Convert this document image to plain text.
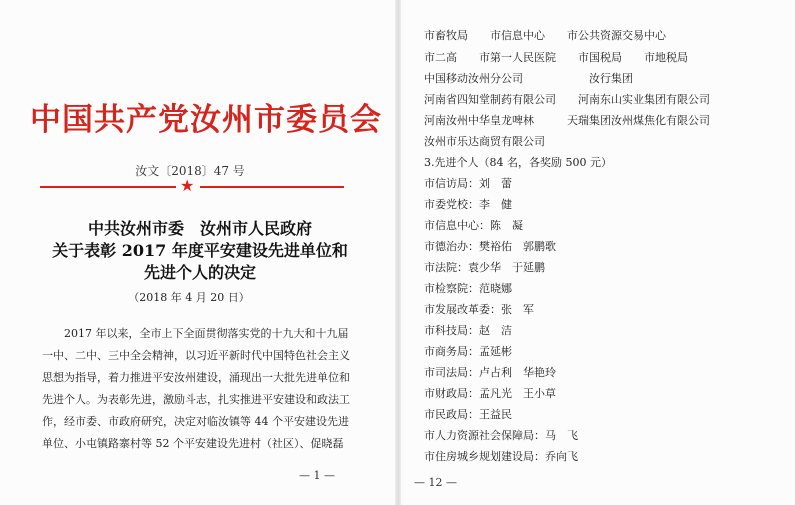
中国共产党汝州市委员会
汝文〔2018〕47 号
★
中共汝州市委　汝州市人民政府
关于表彰 2017 年度平安建设先进单位和
先进个人的决定
（2018 年 4 月 20 日）
2017 年以来，全市上下全面贯彻落实党的十九大和十九届
一中、二中、三中全会精神，以习近平新时代中国特色社会主义
思想为指导，着力推进平安汝州建设，涌现出一大批先进单位和
先进个人。为表彰先进，激励斗志，扎实推进平安建设和政法工
作，经市委、市政府研究，决定对临汝镇等 44 个平安建设先进
单位、小屯镇路寨村等 52 个平安建设先进村（社区）、促晓磊
— 1 —
市畜牧局　　市信息中心　　市公共资源交易中心
市二高　　市第一人民医院　　市国税局　　市地税局
中国移动汝州分公司　　　　　　汝行集团
河南省四知堂制药有限公司　　河南东山实业集团有限公司
河南汝州中华皇龙啤林　　　天瑞集团汝州煤焦化有限公司
汝州市乐达商贸有限公司
3.先进个人（84 名，各奖励 500 元）
市信访局：刘　蕾
市委党校：李　健
市信息中心：陈　凝
市德治办：樊裕佑　郭鹏歌
市法院：袁少华　于延鹏
市检察院：范晓娜
市发展改革委：张　军
市科技局：赵　洁
市商务局：孟延彬
市司法局：卢占利　华艳玲
市财政局：孟凡光　王小草
市民政局：王益民
市人力资源社会保障局：马　飞
市住房城乡规划建设局：乔向飞
— 12 —
